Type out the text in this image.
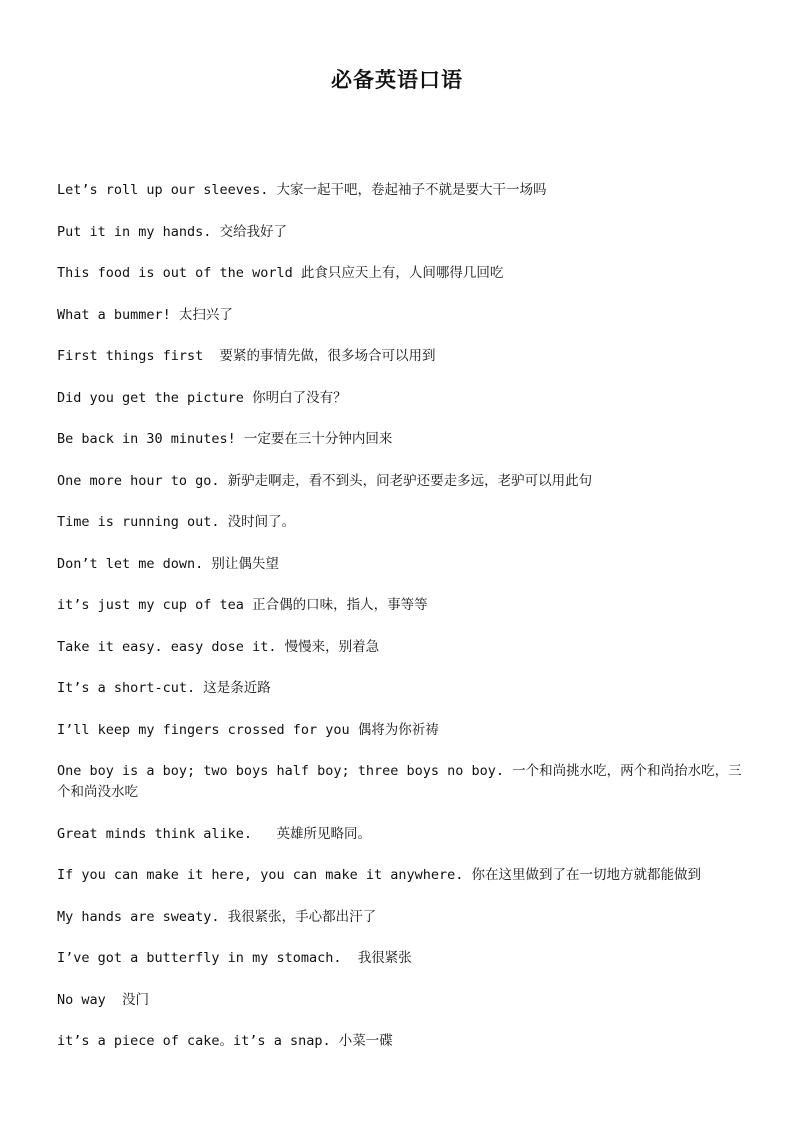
必备英语口语
Let’s roll up our sleeves. 大家一起干吧，卷起袖子不就是要大干一场吗
Put it in my hands. 交给我好了
This food is out of the world 此食只应天上有，人间哪得几回吃
What a bummer! 太扫兴了
First things first  要紧的事情先做，很多场合可以用到
Did you get the picture 你明白了没有？
Be back in 30 minutes! 一定要在三十分钟内回来
One more hour to go. 新驴走啊走，看不到头，问老驴还要走多远，老驴可以用此句
Time is running out. 没时间了。
Don’t let me down. 别让偶失望
it’s just my cup of tea 正合偶的口味，指人，事等等
Take it easy. easy dose it. 慢慢来，别着急
It’s a short-cut. 这是条近路
I’ll keep my fingers crossed for you 偶将为你祈祷
One boy is a boy; two boys half boy; three boys no boy. 一个和尚挑水吃，两个和尚抬水吃，三个和尚没水吃
Great minds think alike.   英雄所见略同。
If you can make it here, you can make it anywhere. 你在这里做到了在一切地方就都能做到
My hands are sweaty. 我很紧张，手心都出汗了
I’ve got a butterfly in my stomach.  我很紧张
No way  没门
it’s a piece of cake。it’s a snap. 小菜一碟
